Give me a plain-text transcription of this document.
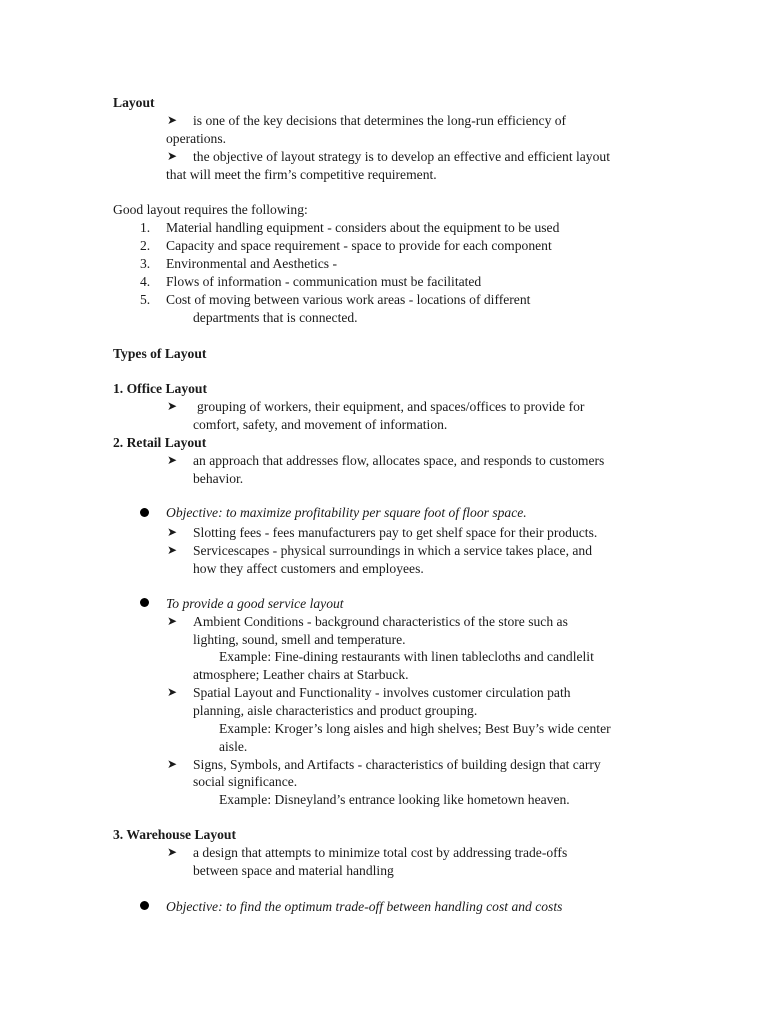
Layout
➤ is one of the key decisions that determines the long-run efficiency of
operations.
➤ the objective of layout strategy is to develop an effective and efficient layout
that will meet the firm’s competitive requirement.
Good layout requires the following:
1. Material handling equipment - considers about the equipment to be used
2. Capacity and space requirement - space to provide for each component
3. Environmental and Aesthetics -
4. Flows of information - communication must be facilitated
5. Cost of moving between various work areas - locations of different
departments that is connected.
Types of Layout
1. Office Layout
➤ grouping of workers, their equipment, and spaces/offices to provide for
comfort, safety, and movement of information.
2. Retail Layout
➤ an approach that addresses flow, allocates space, and responds to customers
behavior.
Objective: to maximize profitability per square foot of floor space.
➤ Slotting fees - fees manufacturers pay to get shelf space for their products.
➤ Servicescapes - physical surroundings in which a service takes place, and
how they affect customers and employees.
To provide a good service layout
➤ Ambient Conditions - background characteristics of the store such as
lighting, sound, smell and temperature.
Example: Fine-dining restaurants with linen tablecloths and candlelit
atmosphere; Leather chairs at Starbuck.
➤ Spatial Layout and Functionality - involves customer circulation path
planning, aisle characteristics and product grouping.
Example: Kroger’s long aisles and high shelves; Best Buy’s wide center
aisle.
➤ Signs, Symbols, and Artifacts - characteristics of building design that carry
social significance.
Example: Disneyland’s entrance looking like hometown heaven.
3. Warehouse Layout
➤ a design that attempts to minimize total cost by addressing trade-offs
between space and material handling
Objective: to find the optimum trade-off between handling cost and costs
